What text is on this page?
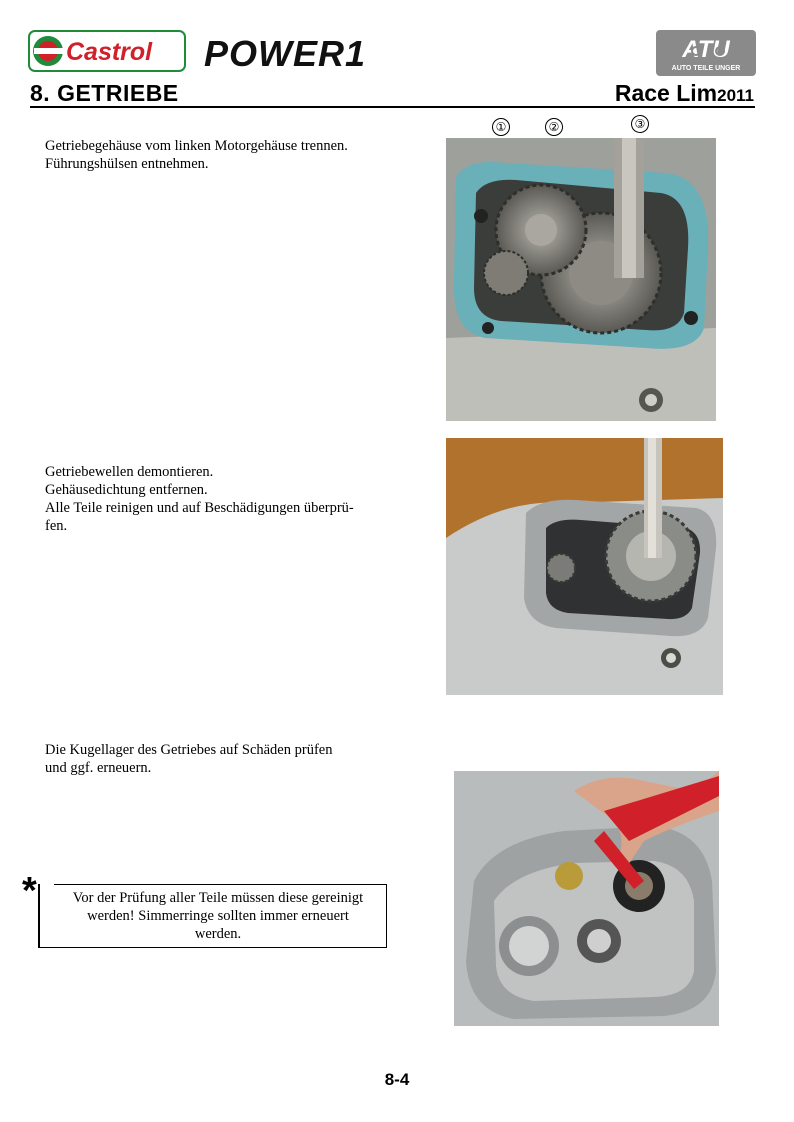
Castrol POWER1	ATU
AUTO TEILE UNGER
8. GETRIEBE	Race Lim2011
Getriebegehäuse vom linken Motorgehäuse trennen.
Führungshülsen entnehmen.
①	②	③
Getriebewellen demontieren.
Gehäusedichtung entfernen.
Alle Teile reinigen und auf Beschädigungen überprü-
fen.
Die Kugellager des Getriebes auf Schäden prüfen
und ggf. erneuern.
*	Vor der Prüfung aller Teile müssen diese gereinigt
werden! Simmerringe sollten immer erneuert
werden.
8-4
